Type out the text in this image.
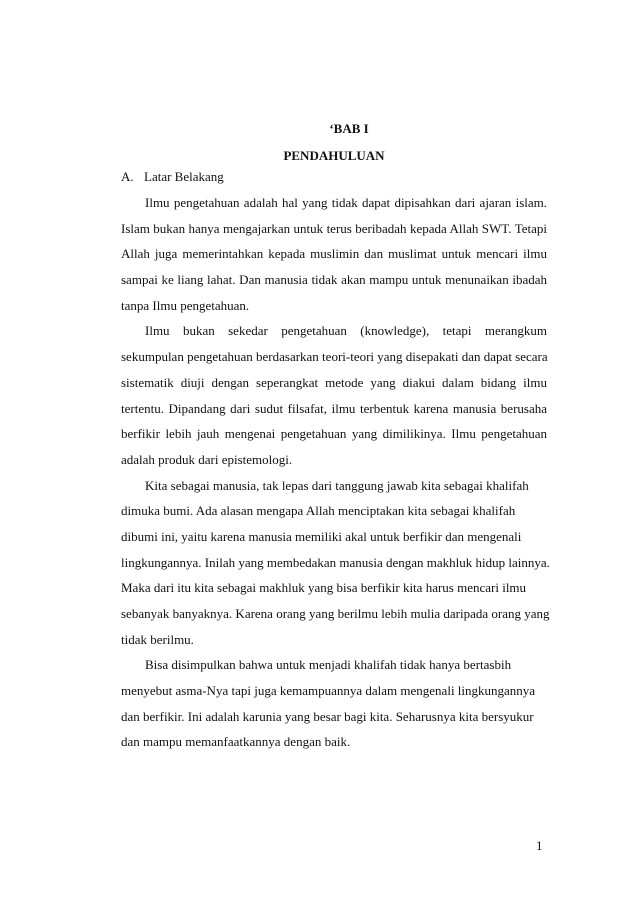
‘BAB I
PENDAHULUAN
A. Latar Belakang
Ilmu pengetahuan adalah hal yang tidak dapat dipisahkan dari ajaran islam.
Islam bukan hanya mengajarkan untuk terus beribadah kepada Allah SWT. Tetapi
Allah juga memerintahkan kepada muslimin dan muslimat untuk mencari ilmu
sampai ke liang lahat. Dan manusia tidak akan mampu untuk menunaikan ibadah
tanpa Ilmu pengetahuan.
Ilmu bukan sekedar pengetahuan (knowledge), tetapi merangkum
sekumpulan pengetahuan berdasarkan teori-teori yang disepakati dan dapat secara
sistematik diuji dengan seperangkat metode yang diakui dalam bidang ilmu
tertentu. Dipandang dari sudut filsafat, ilmu terbentuk karena manusia berusaha
berfikir lebih jauh mengenai pengetahuan yang dimilikinya. Ilmu pengetahuan
adalah produk dari epistemologi.
Kita sebagai manusia, tak lepas dari tanggung jawab kita sebagai khalifah
dimuka bumi. Ada alasan mengapa Allah menciptakan kita sebagai khalifah
dibumi ini, yaitu karena manusia memiliki akal untuk berfikir dan mengenali
lingkungannya. Inilah yang membedakan manusia dengan makhluk hidup lainnya.
Maka dari itu kita sebagai makhluk yang bisa berfikir kita harus mencari ilmu
sebanyak banyaknya. Karena orang yang berilmu lebih mulia daripada orang yang
tidak berilmu.
Bisa disimpulkan bahwa untuk menjadi khalifah tidak hanya bertasbih
menyebut asma-Nya tapi juga kemampuannya dalam mengenali lingkungannya
dan berfikir. Ini adalah karunia yang besar bagi kita. Seharusnya kita bersyukur
dan mampu memanfaatkannya dengan baik.
1
